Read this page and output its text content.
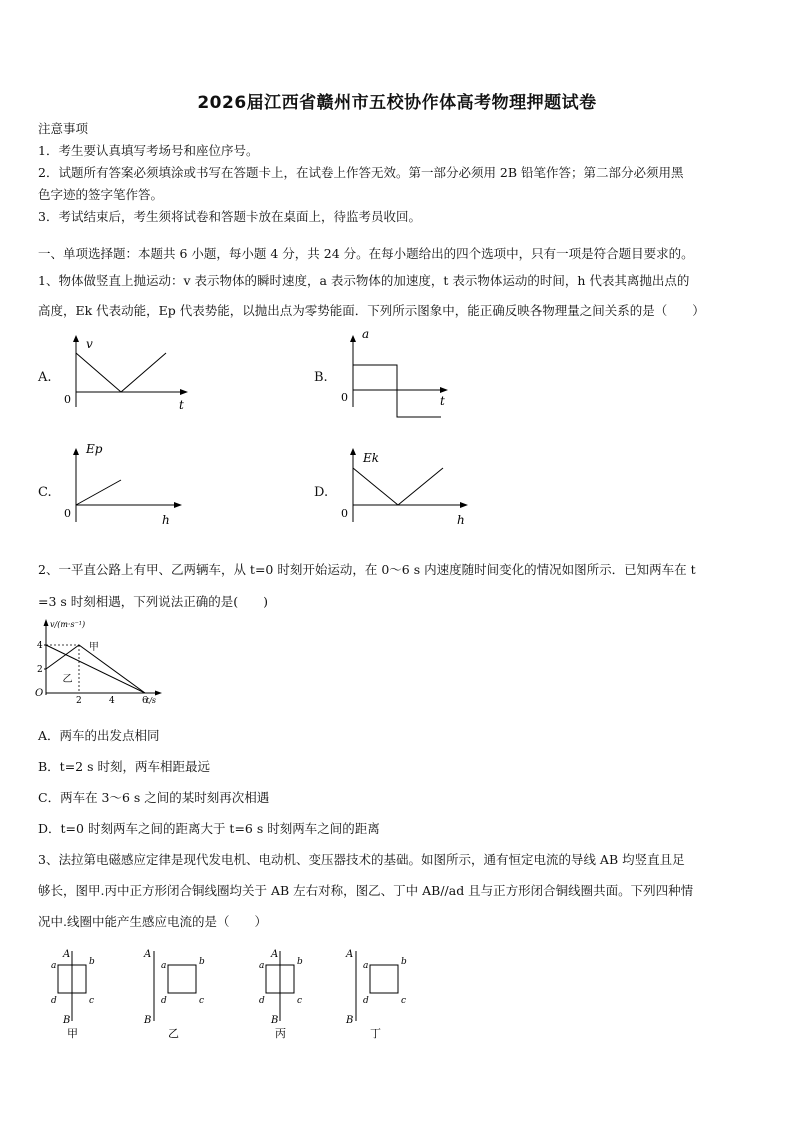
2026届江西省赣州市五校协作体高考物理押题试卷
注意事项
1．考生要认真填写考场号和座位序号。
2．试题所有答案必须填涂或书写在答题卡上，在试卷上作答无效。第一部分必须用 2B 铅笔作答；第二部分必须用黑
色字迹的签字笔作答。
3．考试结束后，考生须将试卷和答题卡放在桌面上，待监考员收回。
一、单项选择题：本题共 6 小题，每小题 4 分，共 24 分。在每小题给出的四个选项中，只有一项是符合题目要求的。
1、物体做竖直上抛运动：v 表示物体的瞬时速度，a 表示物体的加速度，t 表示物体运动的时间，h 代表其离抛出点的
高度，Ek 代表动能，Ep 代表势能，以抛出点为零势能面．下列所示图象中，能正确反映各物理量之间关系的是（　　）
A.
v
0	t
B.
a
0	t
C.
Ep
0	h
D.
Ek
0	h
2、一平直公路上有甲、乙两辆车，从 t=0 时刻开始运动，在 0～6 s 内速度随时间变化的情况如图所示．已知两车在 t
=3 s 时刻相遇，下列说法正确的是(　　)
v/(m·s⁻¹)
t/s
O
2
4
2	4	6
甲
乙
A．两车的出发点相同
B．t=2 s 时刻，两车相距最远
C．两车在 3～6 s 之间的某时刻再次相遇
D．t=0 时刻两车之间的距离大于 t=6 s 时刻两车之间的距离
3、法拉第电磁感应定律是现代发电机、电动机、变压器技术的基础。如图所示，通有恒定电流的导线 AB 均竖直且足
够长，图甲.丙中正方形闭合铜线圈均关于 AB 左右对称，图乙、丁中 AB//ad 且与正方形闭合铜线圈共面。下列四种情
况中.线圈中能产生感应电流的是（　　）
A
B
a	b
c
d
甲
A
B
a	b
c
d
乙
A
B
a	b
c
d
丙
A
B
a	b
c
d
丁
